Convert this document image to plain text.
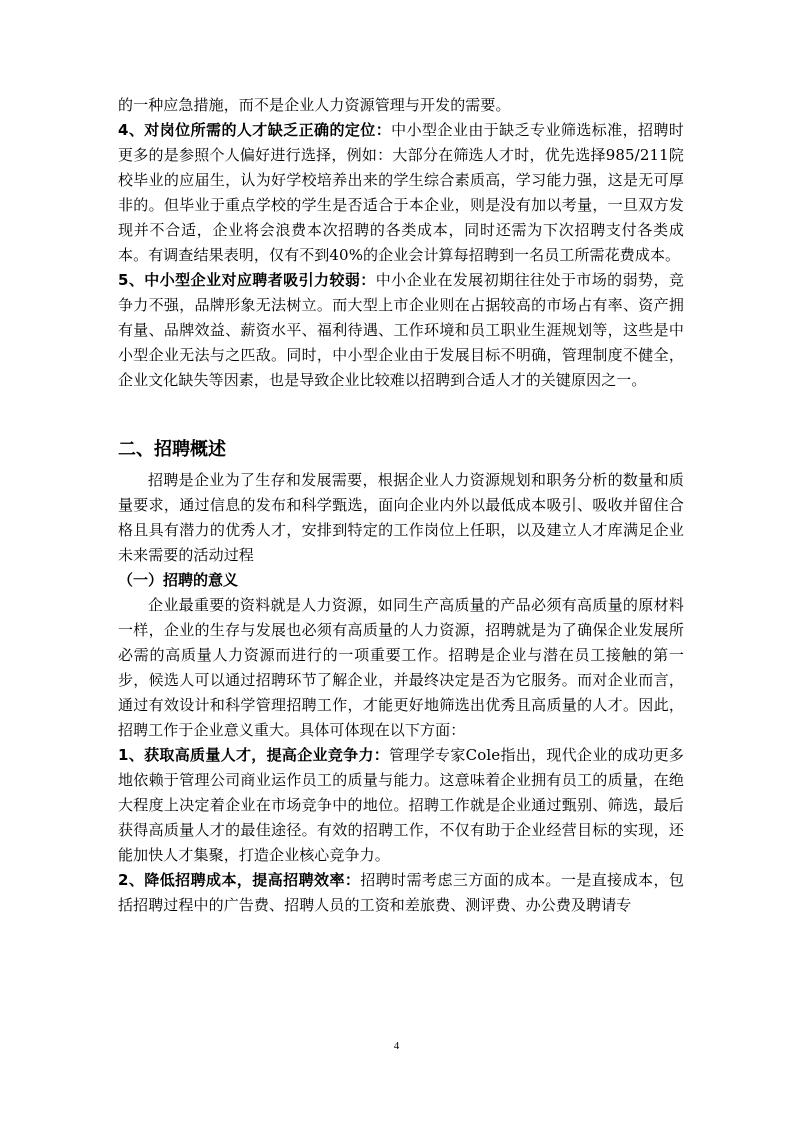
的一种应急措施，而不是企业人力资源管理与开发的需要。

4、对岗位所需的人才缺乏正确的定位：中小型企业由于缺乏专业筛选标准，招聘时更多的是参照个人偏好进行选择，例如：大部分在筛选人才时，优先选择985/211院校毕业的应届生，认为好学校培养出来的学生综合素质高，学习能力强，这是无可厚非的。但毕业于重点学校的学生是否适合于本企业，则是没有加以考量，一旦双方发现并不合适，企业将会浪费本次招聘的各类成本，同时还需为下次招聘支付各类成本。有调查结果表明，仅有不到40%的企业会计算每招聘到一名员工所需花费成本。

5、中小型企业对应聘者吸引力较弱：中小企业在发展初期往往处于市场的弱势，竞争力不强，品牌形象无法树立。而大型上市企业则在占据较高的市场占有率、资产拥有量、品牌效益、薪资水平、福利待遇、工作环境和员工职业生涯规划等，这些是中小型企业无法与之匹敌。同时，中小型企业由于发展目标不明确，管理制度不健全，企业文化缺失等因素，也是导致企业比较难以招聘到合适人才的关键原因之一。

二、招聘概述

招聘是企业为了生存和发展需要，根据企业人力资源规划和职务分析的数量和质量要求，通过信息的发布和科学甄选，面向企业内外以最低成本吸引、吸收并留住合格且具有潜力的优秀人才，安排到特定的工作岗位上任职，以及建立人才库满足企业未来需要的活动过程

（一）招聘的意义

企业最重要的资料就是人力资源，如同生产高质量的产品必须有高质量的原材料一样，企业的生存与发展也必须有高质量的人力资源，招聘就是为了确保企业发展所必需的高质量人力资源而进行的一项重要工作。招聘是企业与潜在员工接触的第一步，候选人可以通过招聘环节了解企业，并最终决定是否为它服务。而对企业而言，通过有效设计和科学管理招聘工作，才能更好地筛选出优秀且高质量的人才。因此，招聘工作于企业意义重大。具体可体现在以下方面：

1、获取高质量人才，提高企业竞争力：管理学专家Cole指出，现代企业的成功更多地依赖于管理公司商业运作员工的质量与能力。这意味着企业拥有员工的质量，在绝大程度上决定着企业在市场竞争中的地位。招聘工作就是企业通过甄别、筛选，最后获得高质量人才的最佳途径。有效的招聘工作，不仅有助于企业经营目标的实现，还能加快人才集聚，打造企业核心竞争力。

2、降低招聘成本，提高招聘效率：招聘时需考虑三方面的成本。一是直接成本，包括招聘过程中的广告费、招聘人员的工资和差旅费、测评费、办公费及聘请专

4
